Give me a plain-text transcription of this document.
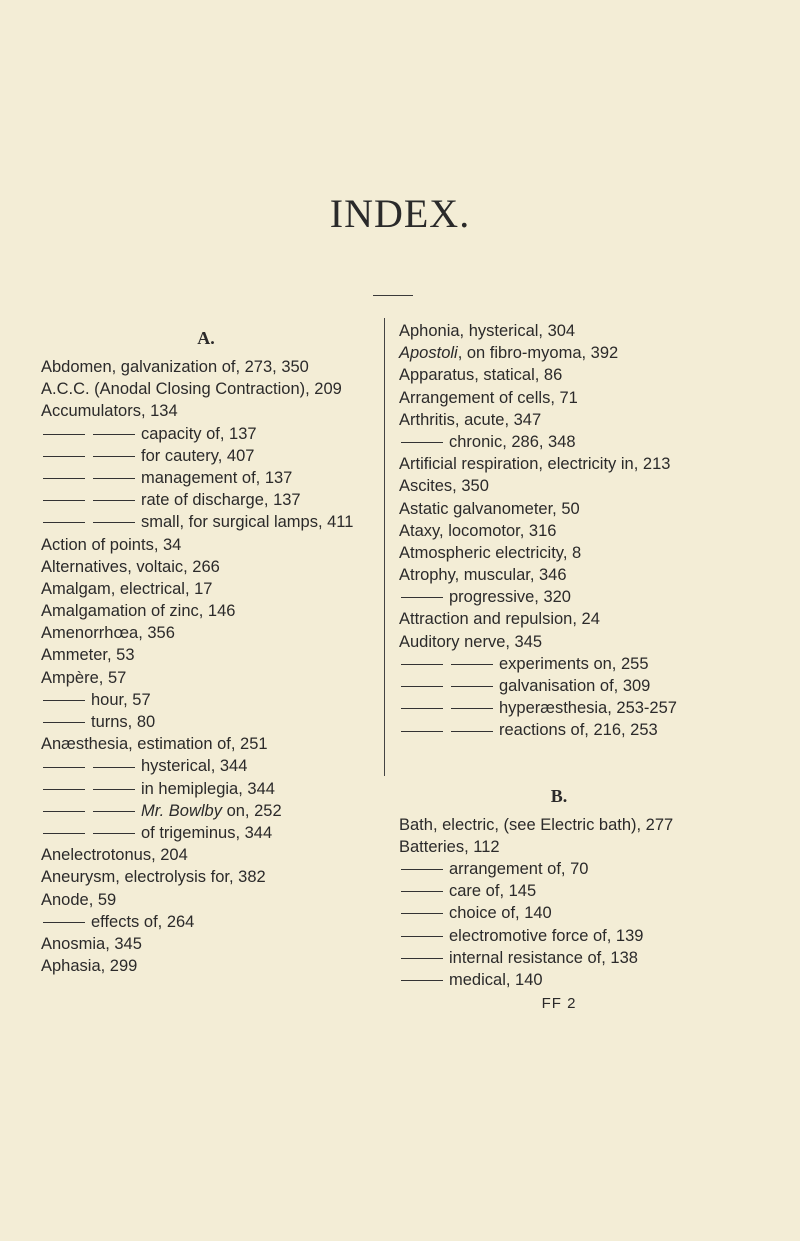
INDEX.
A.
Abdomen, galvanization of, 273, 350
A.C.C. (Anodal Closing Contraction), 209
Accumulators, 134
capacity of, 137
for cautery, 407
management of, 137
rate of discharge, 137
small, for surgical lamps, 411
Action of points, 34
Alternatives, voltaic, 266
Amalgam, electrical, 17
Amalgamation of zinc, 146
Amenorrhœa, 356
Ammeter, 53
Ampère, 57
hour, 57
turns, 80
Anæsthesia, estimation of, 251
hysterical, 344
in hemiplegia, 344
Mr. Bowlby on, 252
of trigeminus, 344
Anelectrotonus, 204
Aneurysm, electrolysis for, 382
Anode, 59
effects of, 264
Anosmia, 345
Aphasia, 299
Aphonia, hysterical, 304
Apostoli, on fibro-myoma, 392
Apparatus, statical, 86
Arrangement of cells, 71
Arthritis, acute, 347
chronic, 286, 348
Artificial respiration, electricity in, 213
Ascites, 350
Astatic galvanometer, 50
Ataxy, locomotor, 316
Atmospheric electricity, 8
Atrophy, muscular, 346
progressive, 320
Attraction and repulsion, 24
Auditory nerve, 345
experiments on, 255
galvanisation of, 309
hyperæsthesia, 253-257
reactions of, 216, 253
B.
Bath, electric, (see Electric bath), 277
Batteries, 112
arrangement of, 70
care of, 145
choice of, 140
electromotive force of, 139
internal resistance of, 138
medical, 140
FF 2
